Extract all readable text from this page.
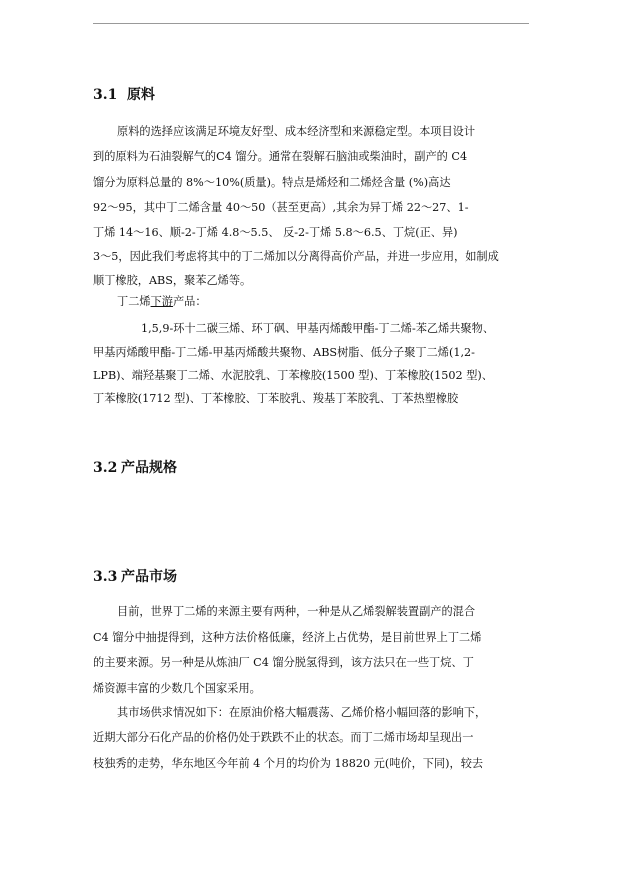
3.1 原料
原料的选择应该满足环境友好型、成本经济型和来源稳定型。本项目设计
到的原料为石油裂解气的C4 馏分。通常在裂解石脑油或柴油时，副产的 C4
馏分为原料总量的 8%～10%(质量)。特点是烯烃和二烯烃含量 (%)高达
92～95，其中丁二烯含量 40～50（甚至更高）,其余为异丁烯 22～27、1-
丁烯 14～16、顺-2-丁烯 4.8～5.5、 反-2-丁烯 5.8～6.5、丁烷(正、异)
3～5，因此我们考虑将其中的丁二烯加以分离得高价产品，并进一步应用，如制成
顺丁橡胶，ABS，聚苯乙烯等。
丁二烯下游产品：
1,5,9-环十二碳三烯、环丁砜、甲基丙烯酸甲酯-丁二烯-苯乙烯共聚物、
甲基丙烯酸甲酯-丁二烯-甲基丙烯酸共聚物、ABS树脂、低分子聚丁二烯(1,2-
LPB)、端羟基聚丁二烯、水泥胶乳、丁苯橡胶(1500 型)、丁苯橡胶(1502 型)、
丁苯橡胶(1712 型)、丁苯橡胶、丁苯胶乳、羧基丁苯胶乳、丁苯热塑橡胶
3.2 产品规格
3.3 产品市场
目前，世界丁二烯的来源主要有两种，一种是从乙烯裂解装置副产的混合
C4 馏分中抽提得到，这种方法价格低廉，经济上占优势，是目前世界上丁二烯
的主要来源。另一种是从炼油厂 C4 馏分脱氢得到，该方法只在一些丁烷、丁
烯资源丰富的少数几个国家采用。
其市场供求情况如下：在原油价格大幅震荡、乙烯价格小幅回落的影响下，
近期大部分石化产品的价格仍处于跌跌不止的状态。而丁二烯市场却呈现出一
枝独秀的走势，华东地区今年前 4 个月的均价为 18820 元(吨价，下同)，较去
